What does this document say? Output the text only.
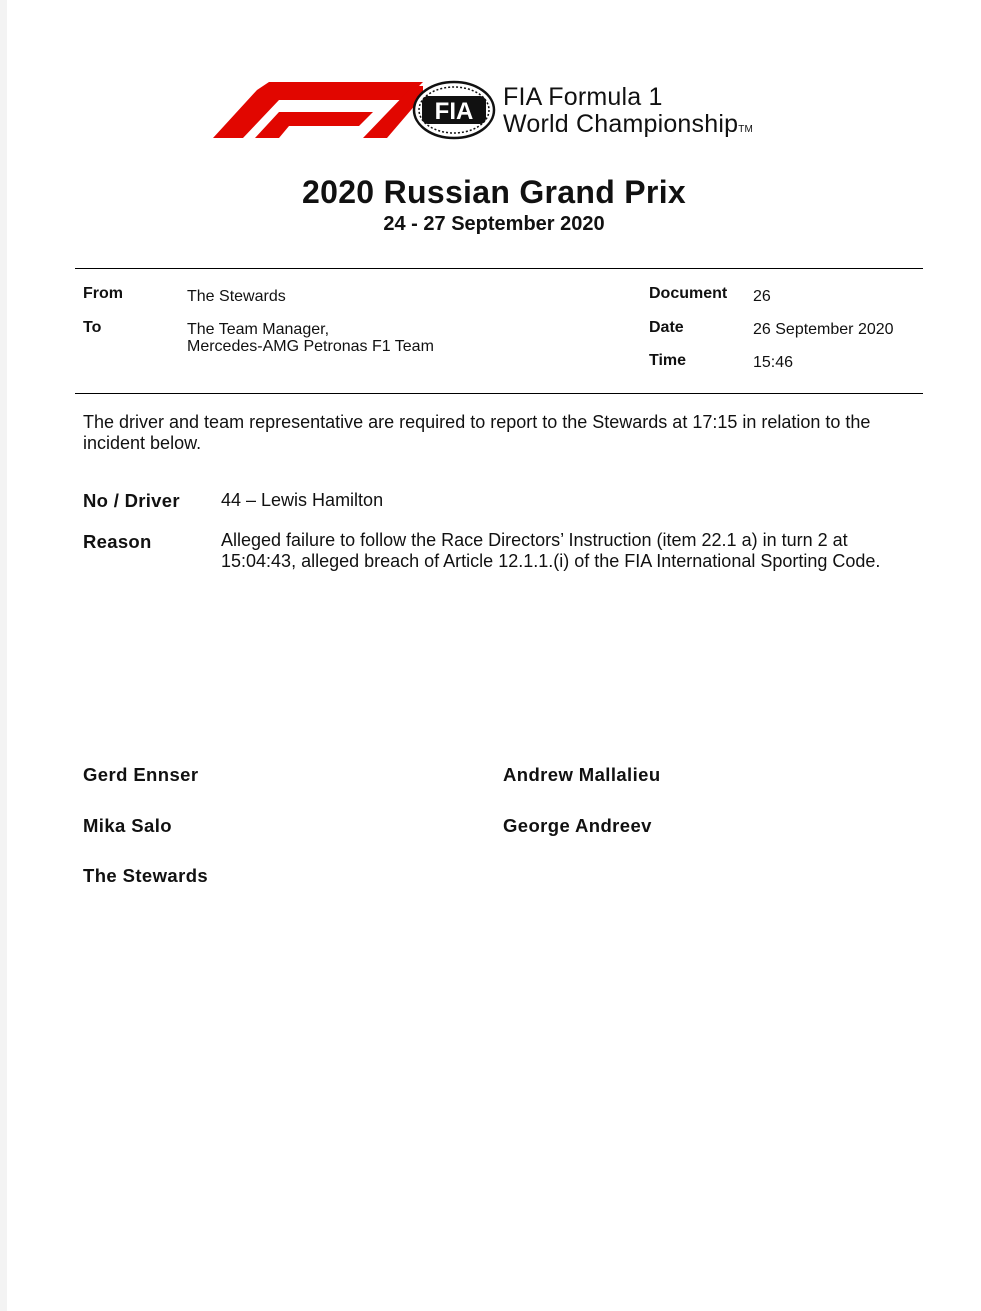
FIA
FIA Formula 1
World ChampionshipTM
2020 Russian Grand Prix
24 - 27 September 2020
From	The Stewards
To	The Team Manager,
Mercedes-AMG Petronas F1 Team
Document 26
Date	26 September 2020
Time	15:46
The driver and team representative are required to report to the Stewards at 17:15 in relation to the incident below.
No / Driver 44 – Lewis Hamilton
Reason	Alleged failure to follow the Race Directors’ Instruction (item 22.1 a) in turn 2 at 15:04:43, alleged breach of Article 12.1.1.(i) of the FIA International Sporting Code.
Gerd Ennser	Andrew Mallalieu
Mika Salo	George Andreev
The Stewards
